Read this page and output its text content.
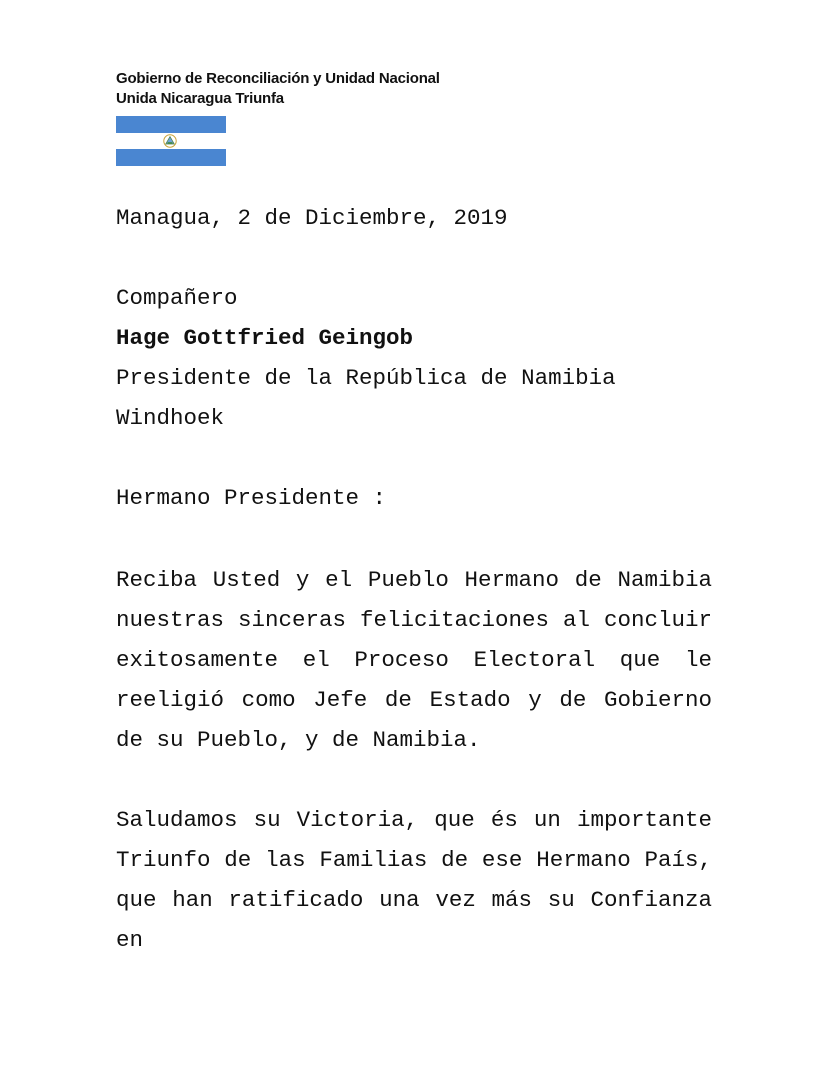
Gobierno de Reconciliación y Unidad Nacional
Unida Nicaragua Triunfa
Managua, 2 de Diciembre, 2019
Compañero
Hage Gottfried Geingob
Presidente de la República de Namibia
Windhoek
Hermano Presidente :
Reciba Usted y el Pueblo Hermano de Namibia
nuestras sinceras felicitaciones al concluir
exitosamente el Proceso Electoral que le
reeligió como Jefe de Estado y de Gobierno
de su Pueblo, y de Namibia.
Saludamos su Victoria, que és un importante
Triunfo de las Familias de ese Hermano País,
que han ratificado una vez más su Confianza en
